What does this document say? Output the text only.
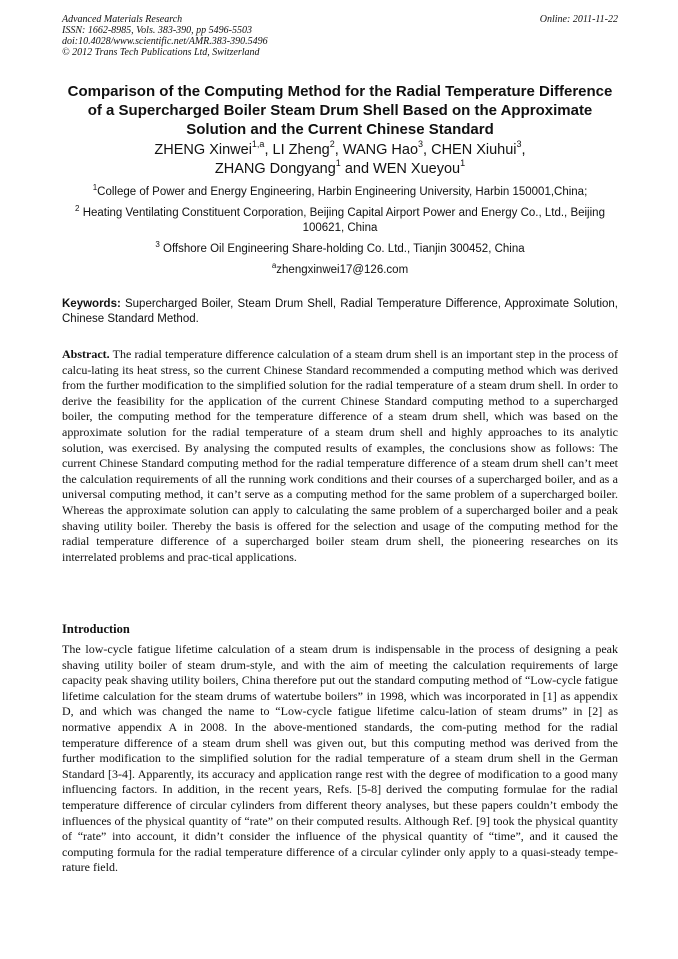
Advanced Materials Research
ISSN: 1662-8985, Vols. 383-390, pp 5496-5503
doi:10.4028/www.scientific.net/AMR.383-390.5496
© 2012 Trans Tech Publications Ltd, Switzerland
Online: 2011-11-22
Comparison of the Computing Method for the Radial Temperature Difference of a Supercharged Boiler Steam Drum Shell Based on the Approximate Solution and the Current Chinese Standard
ZHENG Xinwei$^{1,a}$, LI Zheng$^2$, WANG Hao$^3$, CHEN Xiuhui$^3$,
ZHANG Dongyang$^1$ and WEN Xueyou$^1$
$^1$College of Power and Energy Engineering, Harbin Engineering University, Harbin 150001,China;
$^2$ Heating Ventilating Constituent Corporation, Beijing Capital Airport Power and Energy Co., Ltd., Beijing 100621, China
$^3$ Offshore Oil Engineering Share-holding Co. Ltd., Tianjin 300452, China
$^a$zhengxinwei17@126.com
Keywords: Supercharged Boiler, Steam Drum Shell, Radial Temperature Difference, Approximate Solution, Chinese Standard Method.

Abstract. The radial temperature difference calculation of a steam drum shell is an important step in the process of calcu-lating its heat stress, so the current Chinese Standard recommended a computing method which was derived from the further modification to the simplified solution for the radial temperature of a steam drum shell. In order to derive the feasibility for the application of the current Chinese Standard computing method to a supercharged boiler, the computing method for the temperature difference of a steam drum shell, which was based on the approximate solution for the radial temperature of a steam drum shell and highly approaches to its analytic solution, was exercised. By analysing the computed results of examples, the conclusions show as follows: The current Chinese Standard computing method for the radial temperature difference of a steam drum shell can’t meet the calculation requirements of all the running work conditions and their courses of a supercharged boiler, and as a universal computing method, it can’t serve as a computing method for the same problem of a supercharged boiler. Whereas the approximate solution can apply to calculating the same problem of a supercharged boiler and a peak shaving utility boiler. Thereby the basis is offered for the selection and usage of the computing method for the radial temperature difference of a supercharged boiler steam drum shell, the pioneering researches on its interrelated problems and prac-tical applications.

Introduction

The low-cycle fatigue lifetime calculation of a steam drum is indispensable in the process of designing a peak shaving utility boiler of steam drum-style, and with the aim of meeting the calculation requirements of large capacity peak shaving utility boilers, China therefore put out the standard computing method of “Low-cycle fatigue lifetime calculation for the steam drums of watertube boilers” in 1998, which was incorporated in [1] as appendix D, and which was changed the name to “Low-cycle fatigue lifetime calcu-lation of steam drums” in [2] as normative appendix A in 2008. In the above-mentioned standards, the com-puting method for the radial temperature difference of a steam drum shell was given out, but this computing method was derived from the further modification to the simplified solution for the radial temperature of a steam drum shell in the German Standard [3-4]. Apparently, its accuracy and application range rest with the degree of modification to a good many influencing factors. In addition, in the recent years, Refs. [5-8] derived the computing formulae for the radial temperature difference of circular cylinders from different theory analyses, but these papers couldn’t embody the influences of the physical quantity of “rate” on their computed results. Although Ref. [9] took the physical quantity of “rate” into account, it didn’t consider the influence of the physical quantity of “time”, and it caused the computing formula for the radial temperature difference of a circular cylinder only apply to a quasi-steady tempe-rature field.
